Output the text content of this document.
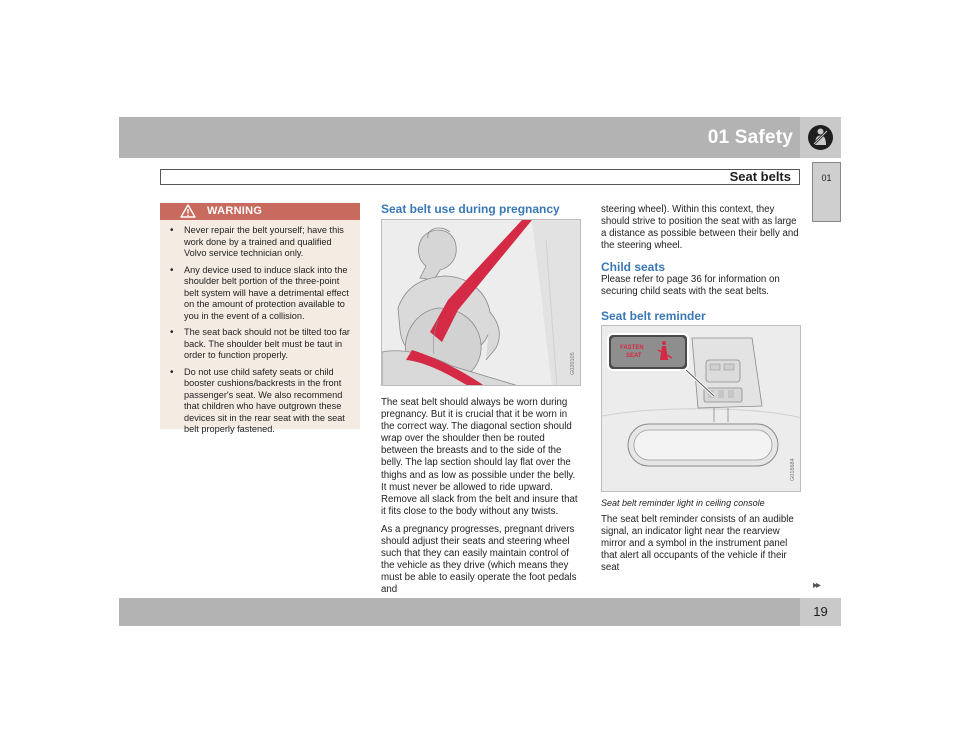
01 Safety
Seat belts	01
WARNING
• Never repair the belt yourself; have this work done by a trained and qualified Volvo service technician only.
• Any device used to induce slack into the shoulder belt portion of the three-point belt system will have a detrimental effect on the amount of protection available to you in the event of a collision.
• The seat back should not be tilted too far back. The shoulder belt must be taut in order to function properly.
• Do not use child safety seats or child booster cushions/backrests in the front passenger's seat. We also recommend that children who have outgrown these devices sit in the rear seat with the seat belt properly fastened.
Seat belt use during pregnancy
G020105

The seat belt should always be worn during pregnancy. But it is crucial that it be worn in the correct way. The diagonal section should wrap over the shoulder then be routed between the breasts and to the side of the belly. The lap section should lay flat over the thighs and as low as possible under the belly. It must never be allowed to ride upward. Remove all slack from the belt and insure that it fits close to the body without any twists.

As a pregnancy progresses, pregnant drivers should adjust their seats and steering wheel such that they can easily maintain control of the vehicle as they drive (which means they must be able to easily operate the foot pedals and

steering wheel). Within this context, they should strive to position the seat with as large a distance as possible between their belly and the steering wheel.

Child seats

Please refer to page 36 for information on securing child seats with the seat belts.

Seat belt reminder
FASTEN
SEAT
G018684
Seat belt reminder light in ceiling console

The seat belt reminder consists of an audible signal, an indicator light near the rearview mirror and a symbol in the instrument panel that alert all occupants of the vehicle if their seat

▸▸
19
